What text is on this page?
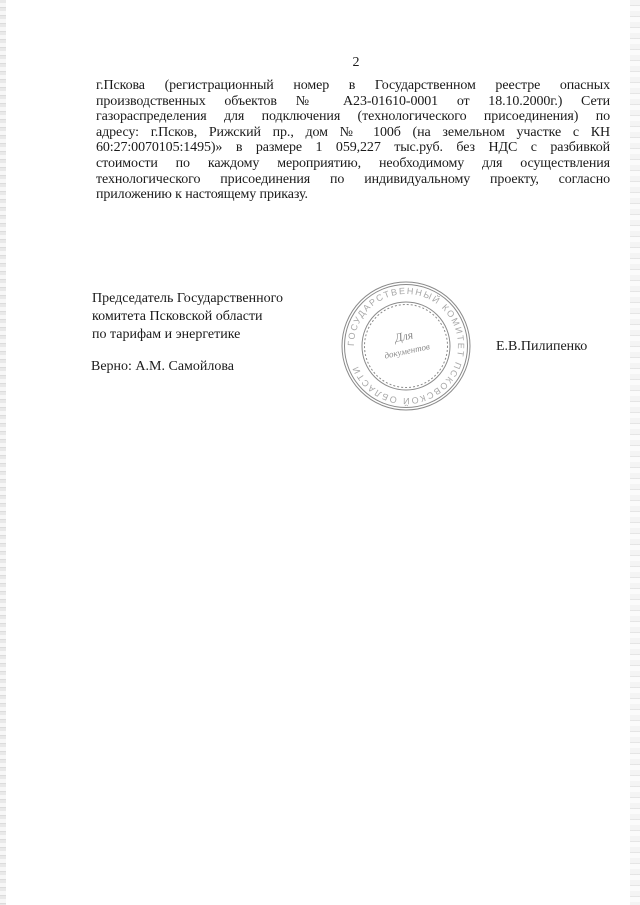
2
г.Пскова (регистрационный номер в Государственном реестре опасных
производственных объектов № А23-01610-0001 от 18.10.2000г.) Сети
газораспределения для подключения (технологического присоединения) по
адресу: г.Псков, Рижский пр., дом № 100б (на земельном участке с КН
60:27:0070105:1495)» в размере 1 059,227 тыс.руб. без НДС с разбивкой
стоимости по каждому мероприятию, необходимому для осуществления
технологического присоединения по индивидуальному проекту, согласно
приложению к настоящему приказу.
Председатель Государственного
комитета Псковской области
по тарифам и энергетике
Верно: А.М. Самойлова
Е.В.Пилипенко
ГОСУДАРСТВЕННЫЙ КОМИТЕТ ПСКОВСКОЙ ОБЛАСТИ
Для
документов
